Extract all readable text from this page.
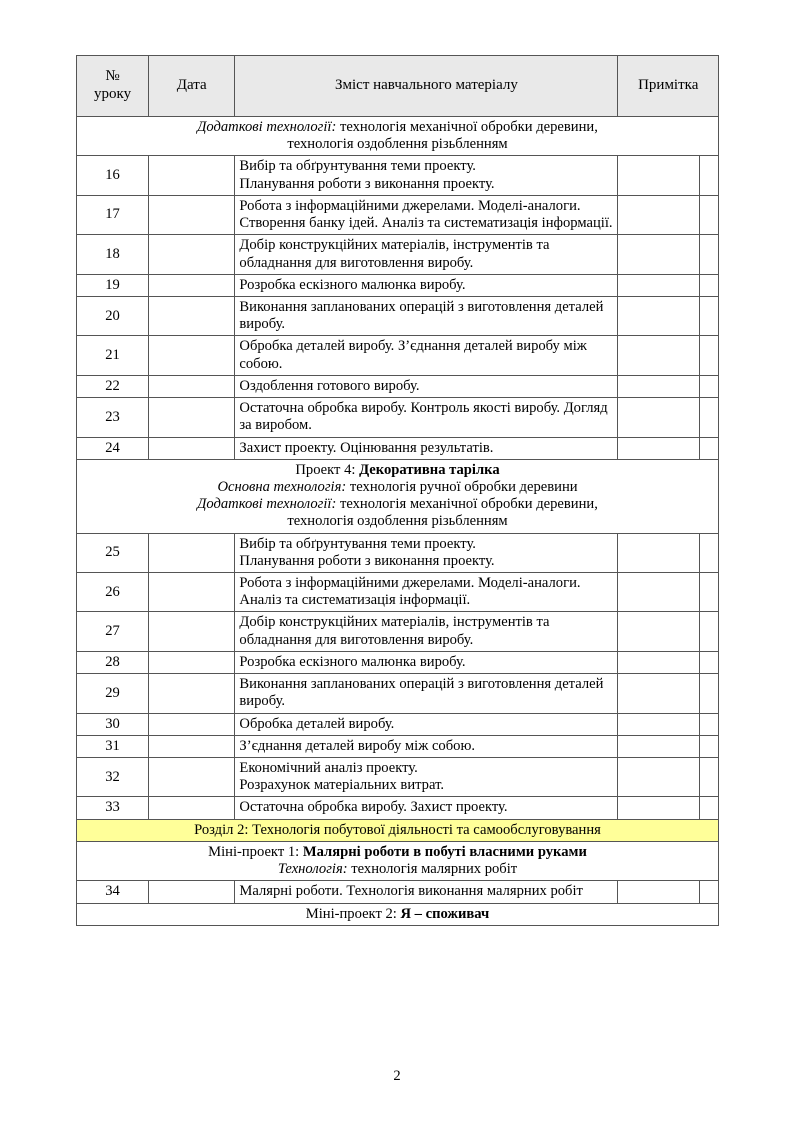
№
уроку	Дата	Зміст навчального матеріалу	Примітка	

Додаткові технології: технологія механічної обробки деревини,
технологія оздоблення різьбленням				

16		Вибір та обґрунтування теми проекту.
Планування роботи з виконання проекту.		

17		Робота з інформаційними джерелами. Моделі-аналоги. Створення банку ідей. Аналіз та систематизація інформації.		

18		Добір конструкційних матеріалів, інструментів та обладнання для виготовлення виробу.		

19		Розробка ескізного малюнка виробу.		

20		Виконання запланованих операцій з виготовлення деталей виробу.		

21		Обробка деталей виробу. З’єднання деталей виробу між собою.		

22		Оздоблення готового виробу.		

23		Остаточна обробка виробу. Контроль якості виробу. Догляд за виробом.		

24		Захист проекту. Оцінювання результатів.		

Проект 4: Декоративна тарілка
Основна технологія: технологія ручної обробки деревини
Додаткові технології: технологія механічної обробки деревини,
технологія оздоблення різьбленням				

25		Вибір та обґрунтування теми проекту.
Планування роботи з виконання проекту.		

26		Робота з інформаційними джерелами. Моделі-аналоги. Аналіз та систематизація інформації.		

27		Добір конструкційних матеріалів, інструментів та обладнання для виготовлення виробу.		

28		Розробка ескізного малюнка виробу.		

29		Виконання запланованих операцій з виготовлення деталей виробу.		

30		Обробка деталей виробу.		

31		З’єднання деталей виробу між собою.		

32		Економічний аналіз проекту.
Розрахунок матеріальних витрат.		

33		Остаточна обробка виробу. Захист проекту.		

Розділ 2: Технологія побутової діяльності та самообслуговування				

Міні-проект 1: Малярні роботи в побуті власними руками
Технологія: технологія малярних робіт				

34		Малярні роботи. Технологія виконання малярних робіт		

Міні-проект 2: Я – споживач				
2
